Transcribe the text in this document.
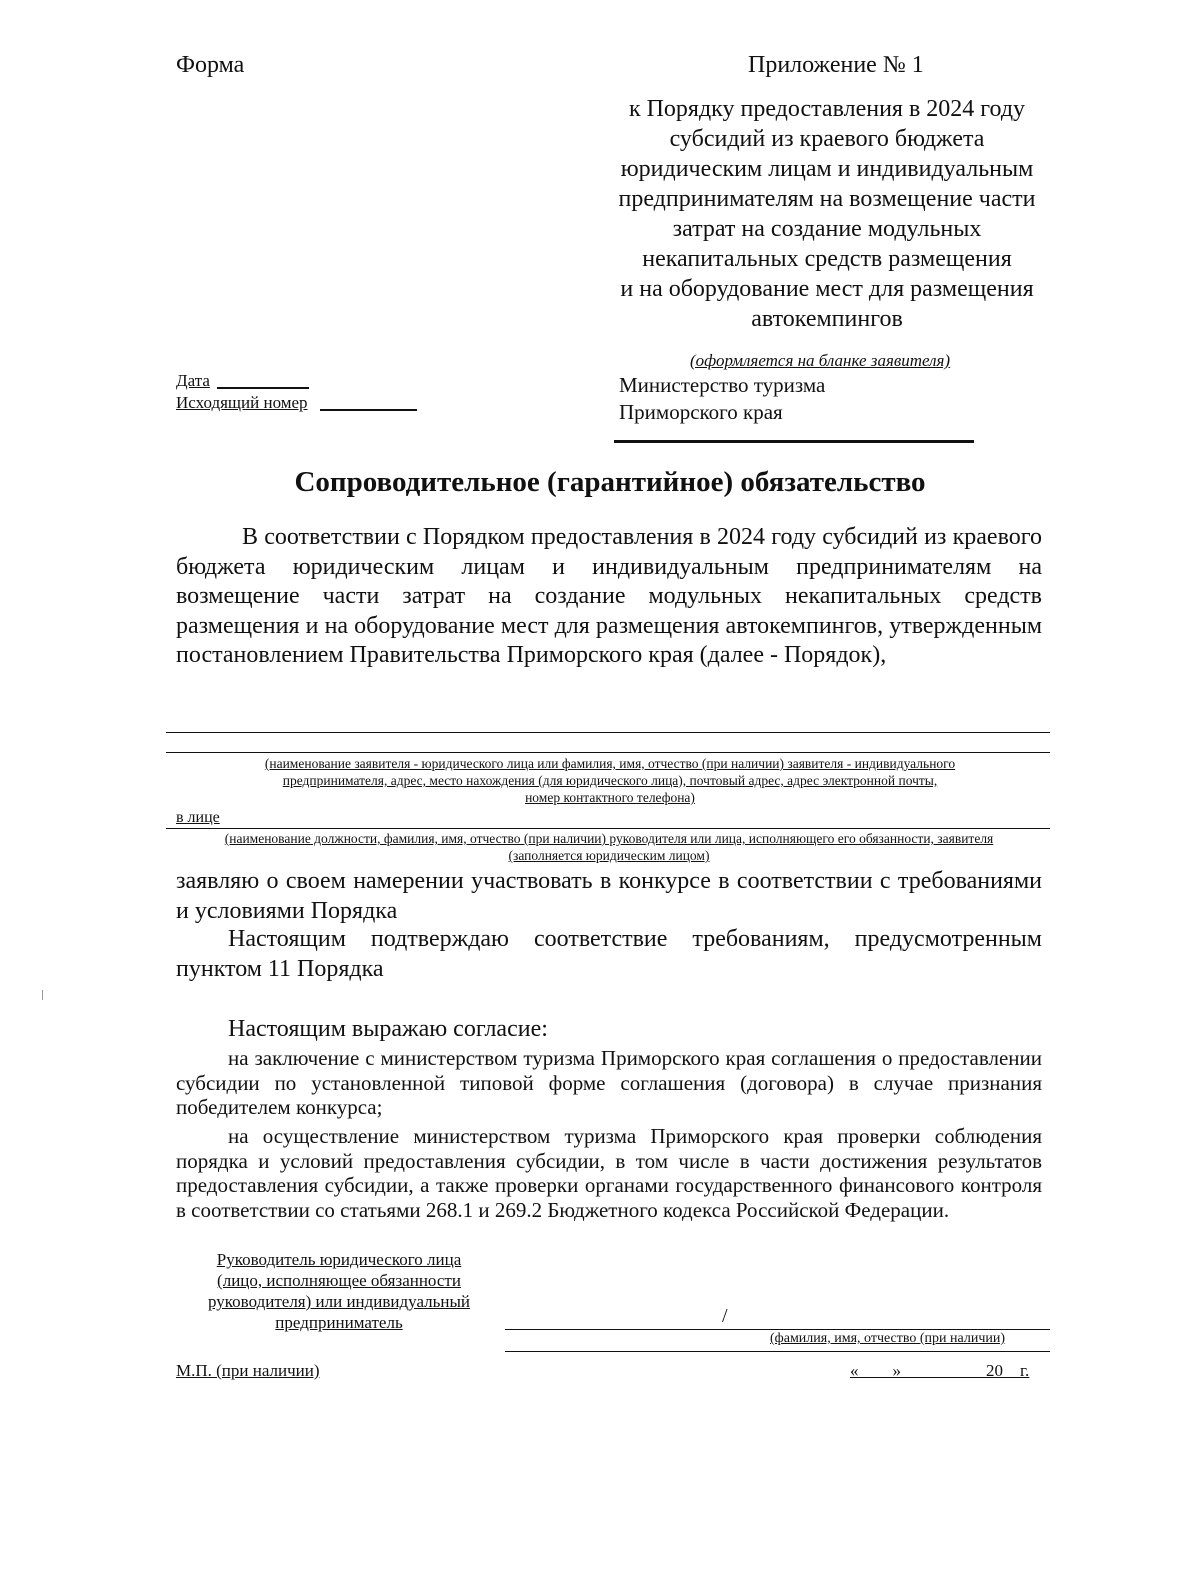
Форма	Приложение № 1
к Порядку предоставления в 2024 году
субсидий из краевого бюджета
юридическим лицам и индивидуальным
предпринимателям на возмещение части
затрат на создание модульных
некапитальных средств размещения
и на оборудование мест для размещения
автокемпингов
(оформляется на бланке заявителя)
Дата
Исходящий номер
Министерство туризма
Приморского края
Сопроводительное (гарантийное) обязательство
В соответствии с Порядком предоставления в 2024 году субсидий из краевого бюджета юридическим лицам и индивидуальным предпринимателям на возмещение части затрат на создание модульных некапитальных средств размещения и на оборудование мест для размещения автокемпингов, утвержденным постановлением Правительства Приморского края (далее - Порядок),
(наименование заявителя - юридического лица или фамилия, имя, отчество (при наличии) заявителя - индивидуального
предпринимателя, адрес, место нахождения (для юридического лица), почтовый адрес, адрес электронной почты,
номер контактного телефона)
в лице
(наименование должности, фамилия, имя, отчество (при наличии) руководителя или лица, исполняющего его обязанности, заявителя
(заполняется юридическим лицом)
заявляю о своем намерении участвовать в конкурсе в соответствии с требованиями и условиями Порядка
Настоящим подтверждаю соответствие требованиям, предусмотренным пунктом 11 Порядка
Настоящим выражаю согласие:
на заключение с министерством туризма Приморского края соглашения о предоставлении субсидии по установленной типовой форме соглашения (договора) в случае признания победителем конкурса;
на осуществление министерством туризма Приморского края проверки соблюдения порядка и условий предоставления субсидии, в том числе в части достижения результатов предоставления субсидии, а также проверки органами государственного финансового контроля в соответствии со статьями 268.1 и 269.2 Бюджетного кодекса Российской Федерации.
Руководитель юридического лица
(лицо, исполняющее обязанности
руководителя) или индивидуальный
предприниматель	/
(фамилия, имя, отчество (при наличии)
М.П. (при наличии)	«____»__________20__г.
